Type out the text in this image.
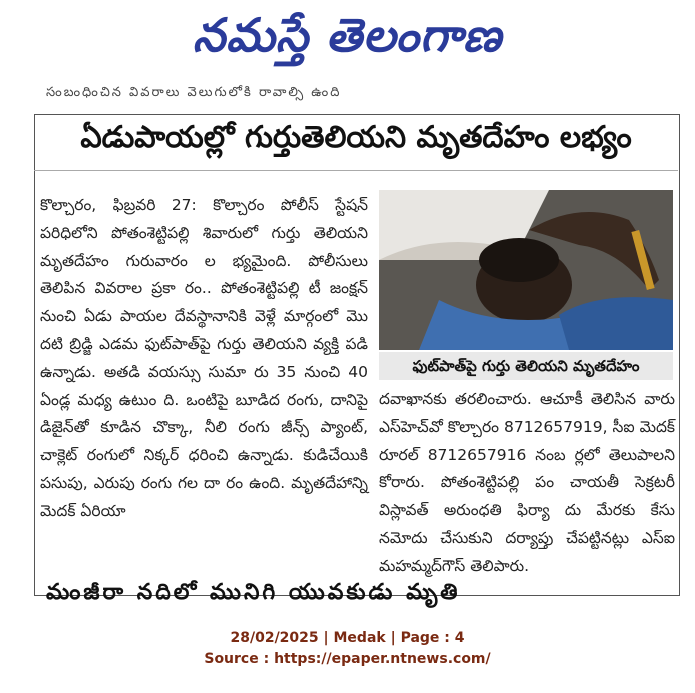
నమస్తే తెలంగాణ
సంబంధించిన వివరాలు వెలుగులోకి రావాల్సి ఉంది
ఏడుపాయల్లో గుర్తుతెలియని మృతదేహం లభ్యం

కొల్చారం, ఫిబ్రవరి 27: కొల్చారం పోలీస్ స్టేషన్ పరిధిలోని పోతంశెట్టిపల్లి శివారులో గుర్తు తెలియని మృతదేహం గురువారం ల భ్యమైంది. పోలీసులు తెలిపిన వివరాల ప్రకా రం.. పోతంశెట్టిపల్లి టీ జంక్షన్ నుంచి ఏడు పాయల దేవస్థానానికి వెళ్లే మార్గంలో మొ దటి బ్రిడ్జి ఎడమ ఫుట్‌పాత్‌పై గుర్తు తెలియని వ్యక్తి పడి ఉన్నాడు. అతడి వయస్సు సుమా రు 35 నుంచి 40 ఏండ్ల మధ్య ఉటుం ది. ఒంటిపై బూడిద రంగు, దానిపై డిజైన్‌తో కూడిన చొక్కా, నీలి రంగు జీన్స్ ప్యాంట్, చాక్లెట్ రంగులో నిక్కర్ ధరించి ఉన్నాడు. కుడిచేయికి పసుపు, ఎరుపు రంగు గల దా రం ఉంది. మృతదేహాన్ని మెదక్ ఏరియా

ఫుట్‌పాత్‌పై గుర్తు తెలియని మృతదేహం

దవాఖానకు తరలించారు. ఆచూకీ తెలిసిన వారు ఎస్‌హెచ్‌వో కొల్చారం 8712657919, సీఐ మెదక్ రూరల్ 8712657916 నంబ ర్లలో తెలుపాలని కోరారు. పోతంశెట్టిపల్లి పం చాయతీ సెక్రటరీ విస్లావత్ అరుంధతి ఫిర్యా దు మేరకు కేసు నమోదు చేసుకుని దర్యాప్తు చేపట్టినట్లు ఎస్‌ఐ మహమ్మద్‌గౌస్ తెలిపారు.

మంజీరా నదిలో మునిగి యువకుడు మృతి
28/02/2025 | Medak | Page : 4
Source : https://epaper.ntnews.com/
